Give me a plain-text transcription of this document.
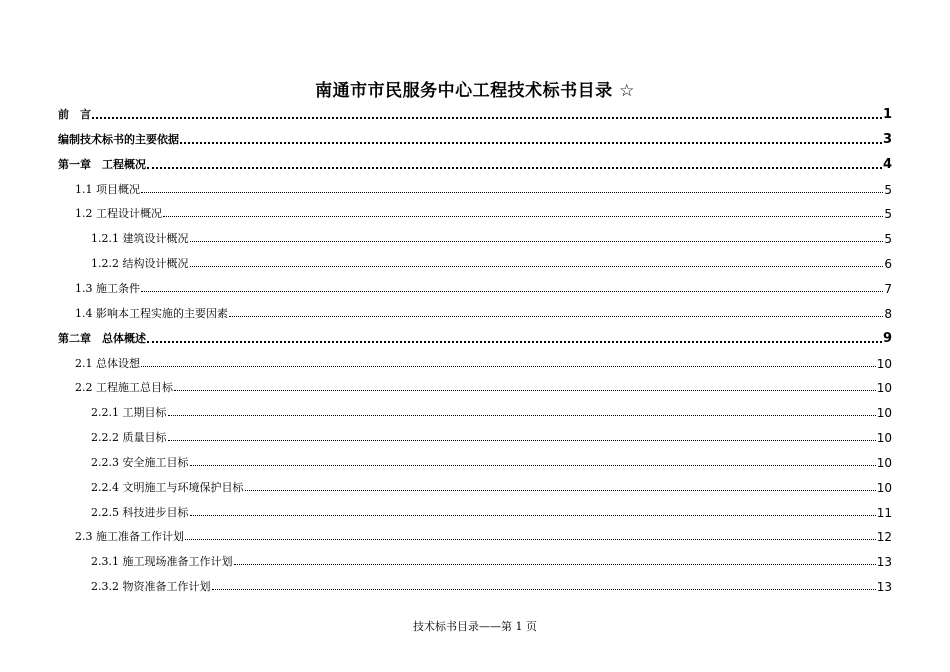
南通市市民服务中心工程技术标书目录 ☆
前　言	1
编制技术标书的主要依据	3
第一章　工程概况	4
1.1 项目概况	5
1.2 工程设计概况	5
1.2.1 建筑设计概况	5
1.2.2 结构设计概况	6
1.3 施工条件	7
1.4 影响本工程实施的主要因素	8
第二章　总体概述	9
2.1 总体设想	10
2.2 工程施工总目标	10
2.2.1 工期目标	10
2.2.2 质量目标	10
2.2.3 安全施工目标	10
2.2.4 文明施工与环境保护目标	10
2.2.5 科技进步目标	11
2.3 施工准备工作计划	12
2.3.1 施工现场准备工作计划	13
2.3.2 物资准备工作计划	13
技术标书目录——第 1 页
